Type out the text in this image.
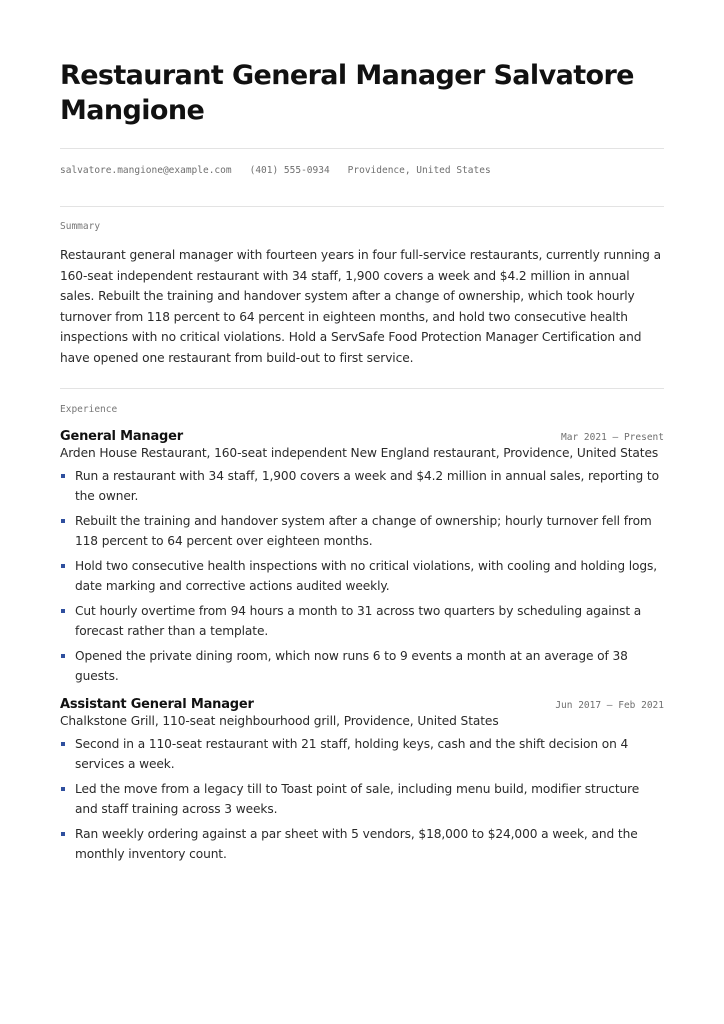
Restaurant General Manager Salvatore Mangione
salvatore.mangione@example.com (401) 555-0934 Providence, United States
Summary

Restaurant general manager with fourteen years in four full-service restaurants, currently running a 160-seat independent restaurant with 34 staff, 1,900 covers a week and $4.2 million in annual sales. Rebuilt the training and handover system after a change of ownership, which took hourly turnover from 118 percent to 64 percent in eighteen months, and hold two consecutive health inspections with no critical violations. Hold a ServSafe Food Protection Manager Certification and have opened one restaurant from build-out to first service.

Experience
General Manager	Mar 2021 – Present
Arden House Restaurant, 160-seat independent New England restaurant, Providence, United States
Run a restaurant with 34 staff, 1,900 covers a week and $4.2 million in annual sales, reporting to the owner.
Rebuilt the training and handover system after a change of ownership; hourly turnover fell from 118 percent to 64 percent over eighteen months.
Hold two consecutive health inspections with no critical violations, with cooling and holding logs, date marking and corrective actions audited weekly.
Cut hourly overtime from 94 hours a month to 31 across two quarters by scheduling against a forecast rather than a template.
Opened the private dining room, which now runs 6 to 9 events a month at an average of 38 guests.
Assistant General Manager	Jun 2017 – Feb 2021
Chalkstone Grill, 110-seat neighbourhood grill, Providence, United States
Second in a 110-seat restaurant with 21 staff, holding keys, cash and the shift decision on 4 services a week.
Led the move from a legacy till to Toast point of sale, including menu build, modifier structure and staff training across 3 weeks.
Ran weekly ordering against a par sheet with 5 vendors, $18,000 to $24,000 a week, and the monthly inventory count.
